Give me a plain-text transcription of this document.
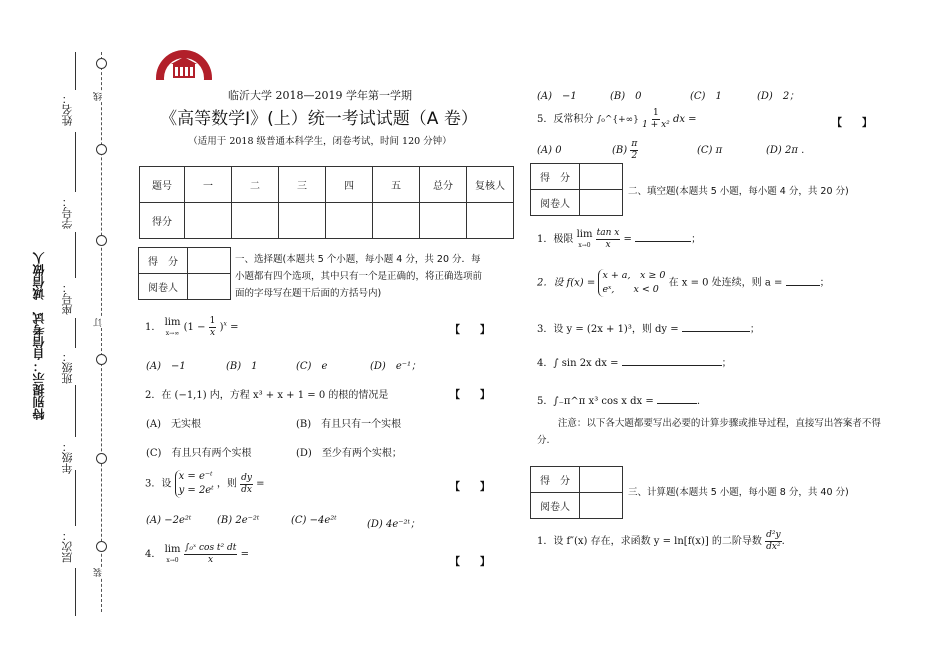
线
订
装
特别提示：自信考试　诚信做人
姓名：
学号：
座号：
班级：
年级：
层次：
临沂大学 2018—2019 学年第一学期
《高等数学Ⅰ》(上）统一考试试题（A 卷）
（适用于 2018 级普通本科学生，闭卷考试，时间 120 分钟）
题号	一	二	三	四	五	总分	复核人
得分							
得　分	
阅卷人	
一、选择题(本题共 5 个小题，每小题 4 分，共 20 分．每小题都有四个选项，其中只有一个是正确的，将正确选项前面的字母写在题干后面的方括号内)
1． lim
x→∞ $(1 - \frac{1}{x} )^x$ =	【　　】
(A)　−1	(B)　1	(C)　e	(D)　e⁻¹；
2．在 (−1,1) 内，方程 x³ + x + 1 = 0 的根的情况是	【　　】
(A)　无实根	(B)　有且只有一个实根
(C)　有且只有两个实根	(D)　至少有两个实根；
3．设 x = e⁻ᵗ
y = 2eᵗ ，则 $\frac{dy}{dx}$ =	【　　】
(A) −2e²ᵗ	(B) 2e⁻²ᵗ	(C) −4e²ᵗ	(D) 4e⁻²ᵗ；
4． lim
x→0
$\frac{\text{∫₀ˣ cos t² dt}}{x}$ =
【　　】
(A)　−1	(B)　0	(C)　1	(D)　2；
5．反常积分 ∫₀^{+∞} $\frac{1}{\text{1 + x²}}$ dx =	【　　】
(A) 0	$(B) \frac{\pi}{2}$	(C) π	(D) 2π .
得　分	
阅卷人	
二、填空题(本题共 5 小题，每小题 4 分，共 20 分)
1．极限 lim
x→0
$\frac{\text{tan x}}{x}$ =	；
2．设 f(x) = x + a,　x ≥ 0
eˣ,　　x < 0 在 x = 0 处连续，则 a =	；
3．设 y = (2x + 1)³，则 dy =	；
4．∫ sin 2x dx =	；
5．∫₋π^π x³ cos x dx =	.
注意：以下各大题都要写出必要的计算步骤或推导过程，直接写出答案者不得分.
得　分	
阅卷人	
三、计算题(本题共 5 小题，每小题 8 分，共 40 分)
1．设 f″(x) 存在，求函数 y = ln[f(x)] 的二阶导数 $\frac{\text{d²y}}{\text{dx²}}$ .
